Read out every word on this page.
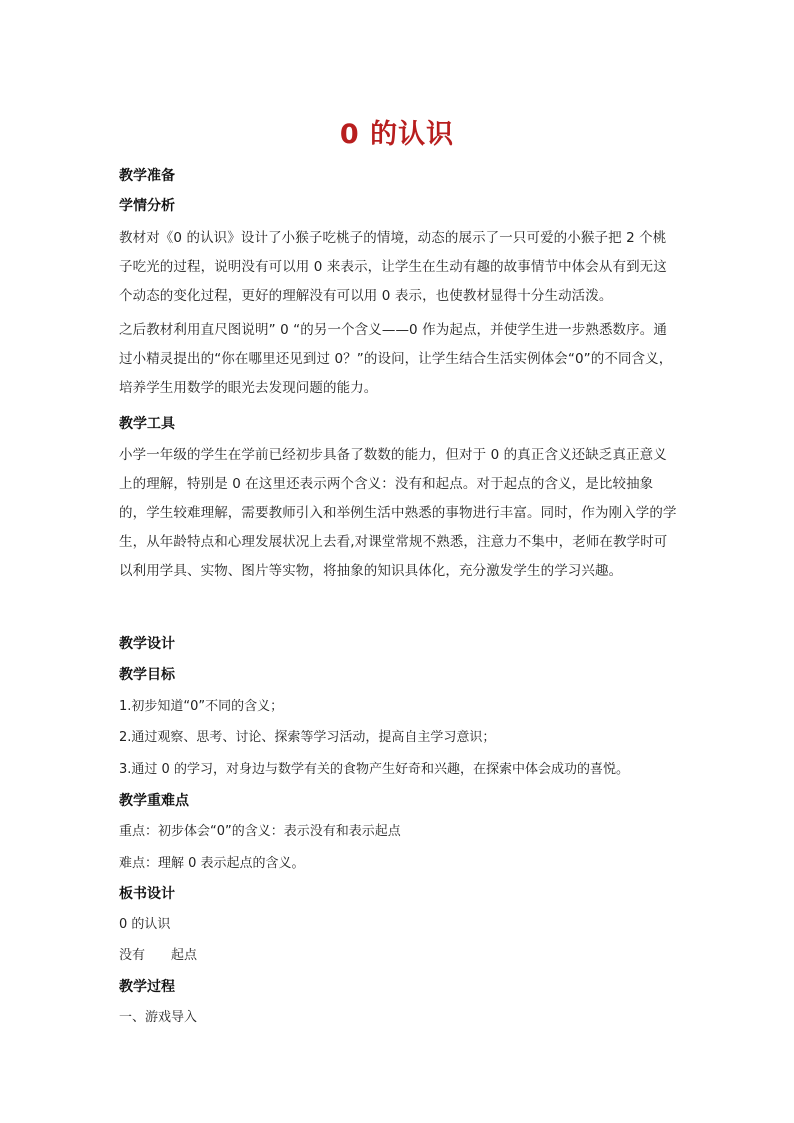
0 的认识
教学准备
学情分析
教材对《0 的认识》设计了小猴子吃桃子的情境，动态的展示了一只可爱的小猴子把 2 个桃子吃光的过程，说明没有可以用 0 来表示，让学生在生动有趣的故事情节中体会从有到无这个动态的变化过程，更好的理解没有可以用 0 表示，也使教材显得十分生动活泼。
之后教材利用直尺图说明” 0 “的另一个含义——0 作为起点，并使学生进一步熟悉数序。通过小精灵提出的“你在哪里还见到过 0？”的设问，让学生结合生活实例体会“0”的不同含义，培养学生用数学的眼光去发现问题的能力。
教学工具
小学一年级的学生在学前已经初步具备了数数的能力，但对于 0 的真正含义还缺乏真正意义上的理解，特别是 0 在这里还表示两个含义：没有和起点。对于起点的含义，是比较抽象的，学生较难理解，需要教师引入和举例生活中熟悉的事物进行丰富。同时，作为刚入学的学生，从年龄特点和心理发展状况上去看,对课堂常规不熟悉，注意力不集中，老师在教学时可以利用学具、实物、图片等实物，将抽象的知识具体化，充分激发学生的学习兴趣。
教学设计
教学目标
1.初步知道“0”不同的含义；
2.通过观察、思考、讨论、探索等学习活动，提高自主学习意识；
3.通过 0 的学习，对身边与数学有关的食物产生好奇和兴趣，在探索中体会成功的喜悦。
教学重难点
重点：初步体会“0”的含义：表示没有和表示起点
难点：理解 0 表示起点的含义。
板书设计
0 的认识
没有　　起点
教学过程
一、游戏导入
